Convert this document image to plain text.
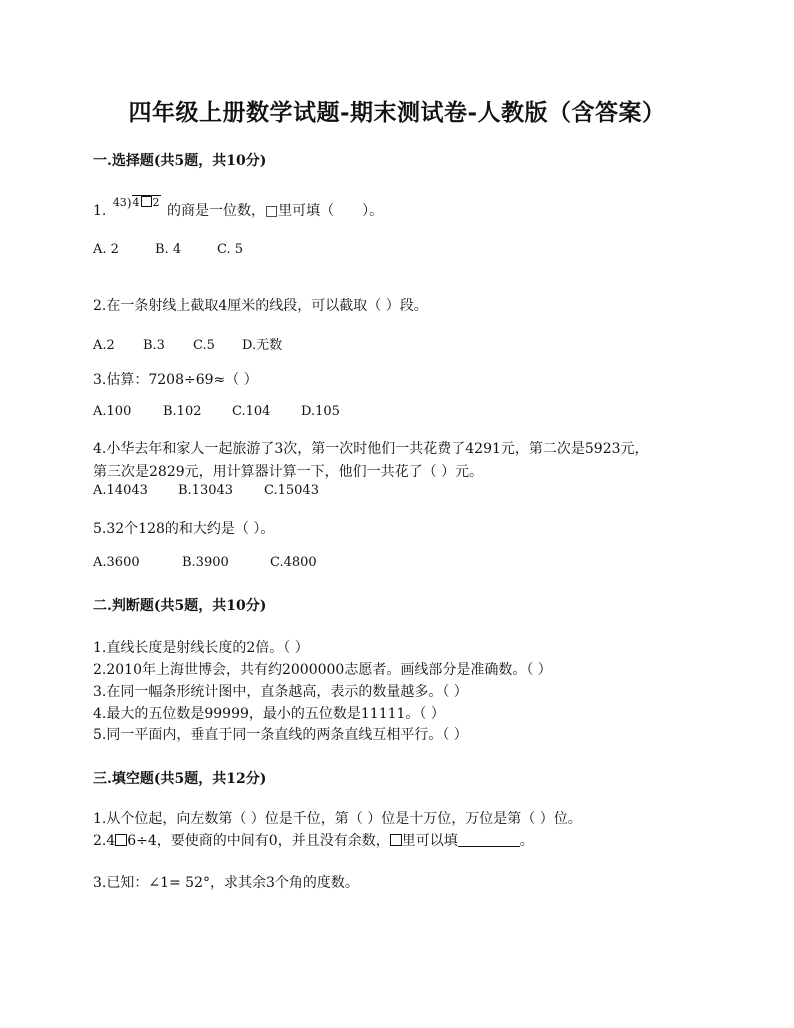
四年级上册数学试题-期末测试卷-人教版（含答案）
一.选择题(共5题，共10分)
1. 43)4 2 的商是一位数，□里可填（　　）。
A. 2	B. 4	C. 5
2.在一条射线上截取4厘米的线段，可以截取（ ）段。
A.2 B.3 C.5 D.无数
3.估算：7208÷69≈（ ）
A.100 B.102 C.104 D.105
4.小华去年和家人一起旅游了3次，第一次时他们一共花费了4291元，第二次是5923元，
第三次是2829元，用计算器计算一下，他们一共花了（ ）元。
A.14043 B.13043 C.15043
5.32个128的和大约是（ ）。
A.3600	B.3900	C.4800
二.判断题(共5题，共10分)
1.直线长度是射线长度的2倍。（ ）
2.2010年上海世博会，共有约2000000志愿者。画线部分是准确数。（ ）
3.在同一幅条形统计图中，直条越高，表示的数量越多。（ ）
4.最大的五位数是99999，最小的五位数是11111。（ ）
5.同一平面内，垂直于同一条直线的两条直线互相平行。（ ）
三.填空题(共5题，共12分)
1.从个位起，向左数第（ ）位是千位，第（ ）位是十万位，万位是第（ ）位。
2.4 6÷4，要使商的中间有0，并且没有余数， 里可以填	。
3.已知：∠1= 52°，求其余3个角的度数。
